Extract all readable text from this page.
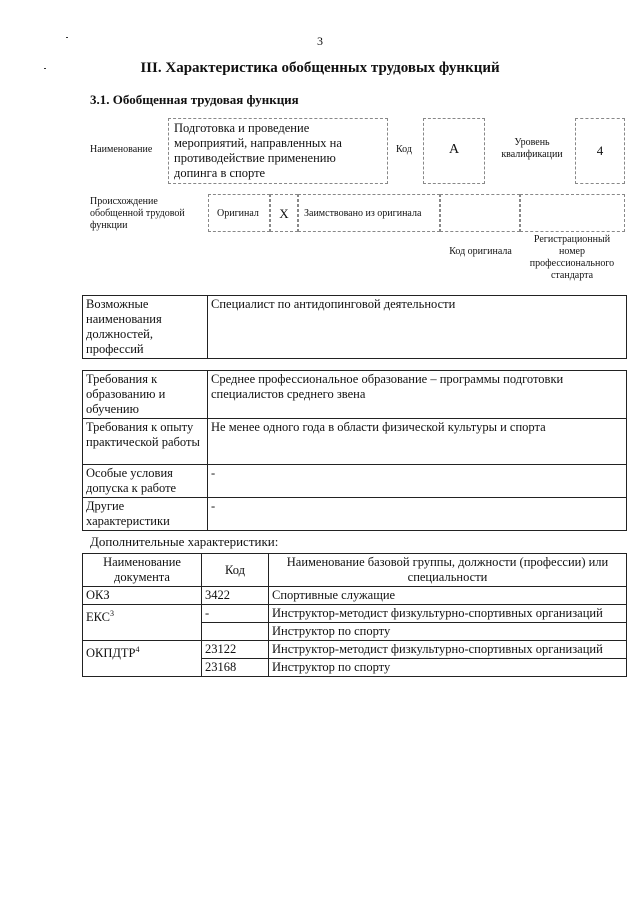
3
III. Характеристика обобщенных трудовых функций
3.1. Обобщенная трудовая функция
Наименование
Подготовка и проведение мероприятий, направленных на противодействие применению допинга в спорте
Код	A	Уровень квалификации	4
Происхождение обобщенной трудовой функции
Оригинал	X	Заимствовано из оригинала
Код оригинала
Регистрационный номер профессионального стандарта
Возможные наименования должностей, профессий	Специалист по антидопинговой деятельности
Требования к образованию и обучению	Среднее профессиональное образование – программы подготовки специалистов среднего звена
Требования к опыту практической работы	Не менее одного года в области физической культуры и спорта
Особые условия допуска к работе	-
Другие характеристики	-
Дополнительные характеристики:
Наименование документа	Код	Наименование базовой группы, должности (профессии) или специальности
ОКЗ	3422	Спортивные служащие
ЕКС$^3$	-	Инструктор-методист физкультурно-спортивных организаций
		Инструктор по спорту
ОКПДТР$^4$	23122	Инструктор-методист физкультурно-спортивных организаций
	23168	Инструктор по спорту
